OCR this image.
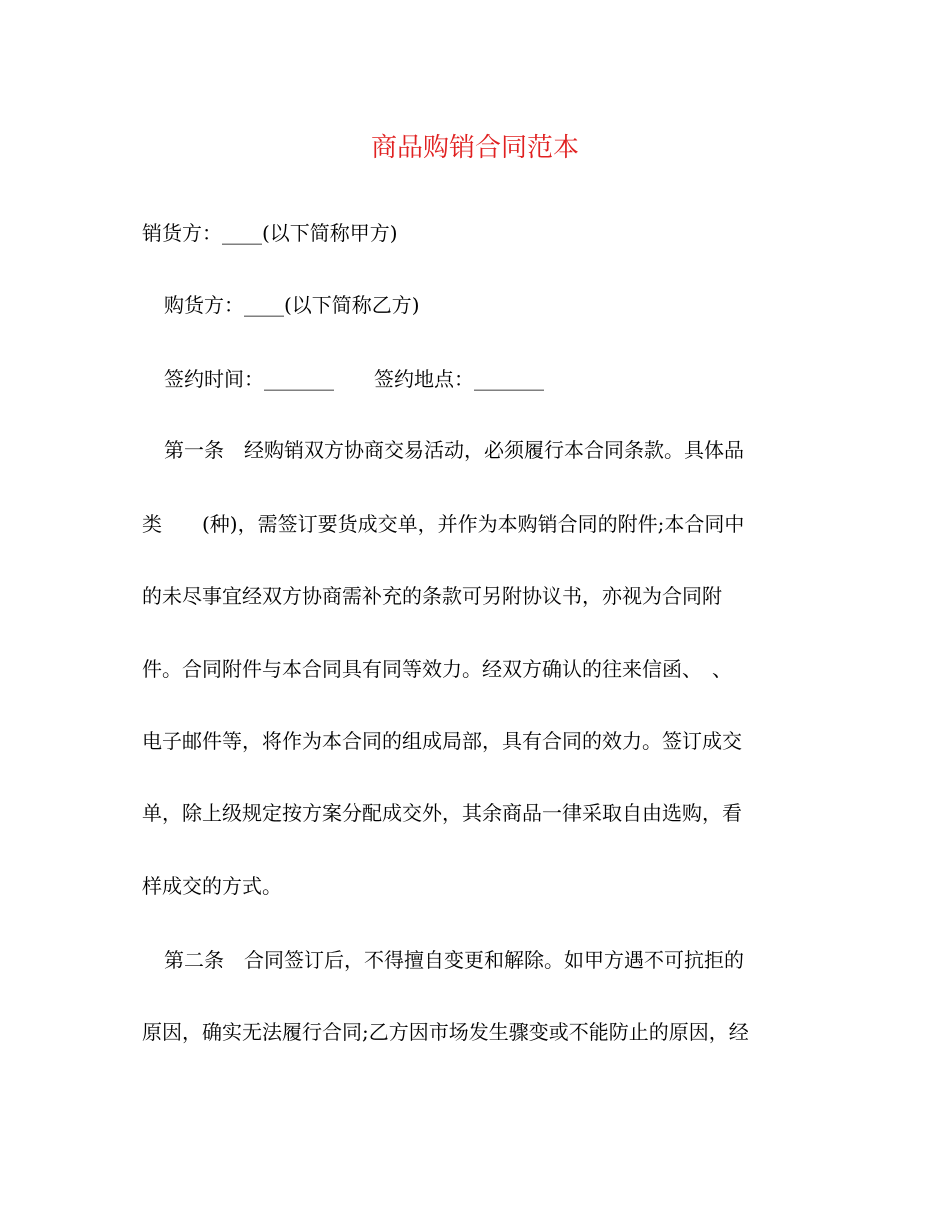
商品购销合同范本
销货方：____(以下简称甲方)
购货方：____(以下简称乙方)
签约时间：_______　　签约地点：_______
第一条　经购销双方协商交易活动，必须履行本合同条款。具体品
类　　(种)，需签订要货成交单，并作为本购销合同的附件;本合同中
的未尽事宜经双方协商需补充的条款可另附协议书，亦视为合同附
件。合同附件与本合同具有同等效力。经双方确认的往来信函、　、
电子邮件等，将作为本合同的组成局部，具有合同的效力。签订成交
单，除上级规定按方案分配成交外，其余商品一律采取自由选购，看
样成交的方式。
第二条　合同签订后，不得擅自变更和解除。如甲方遇不可抗拒的
原因，确实无法履行合同;乙方因市场发生骤变或不能防止的原因，经
